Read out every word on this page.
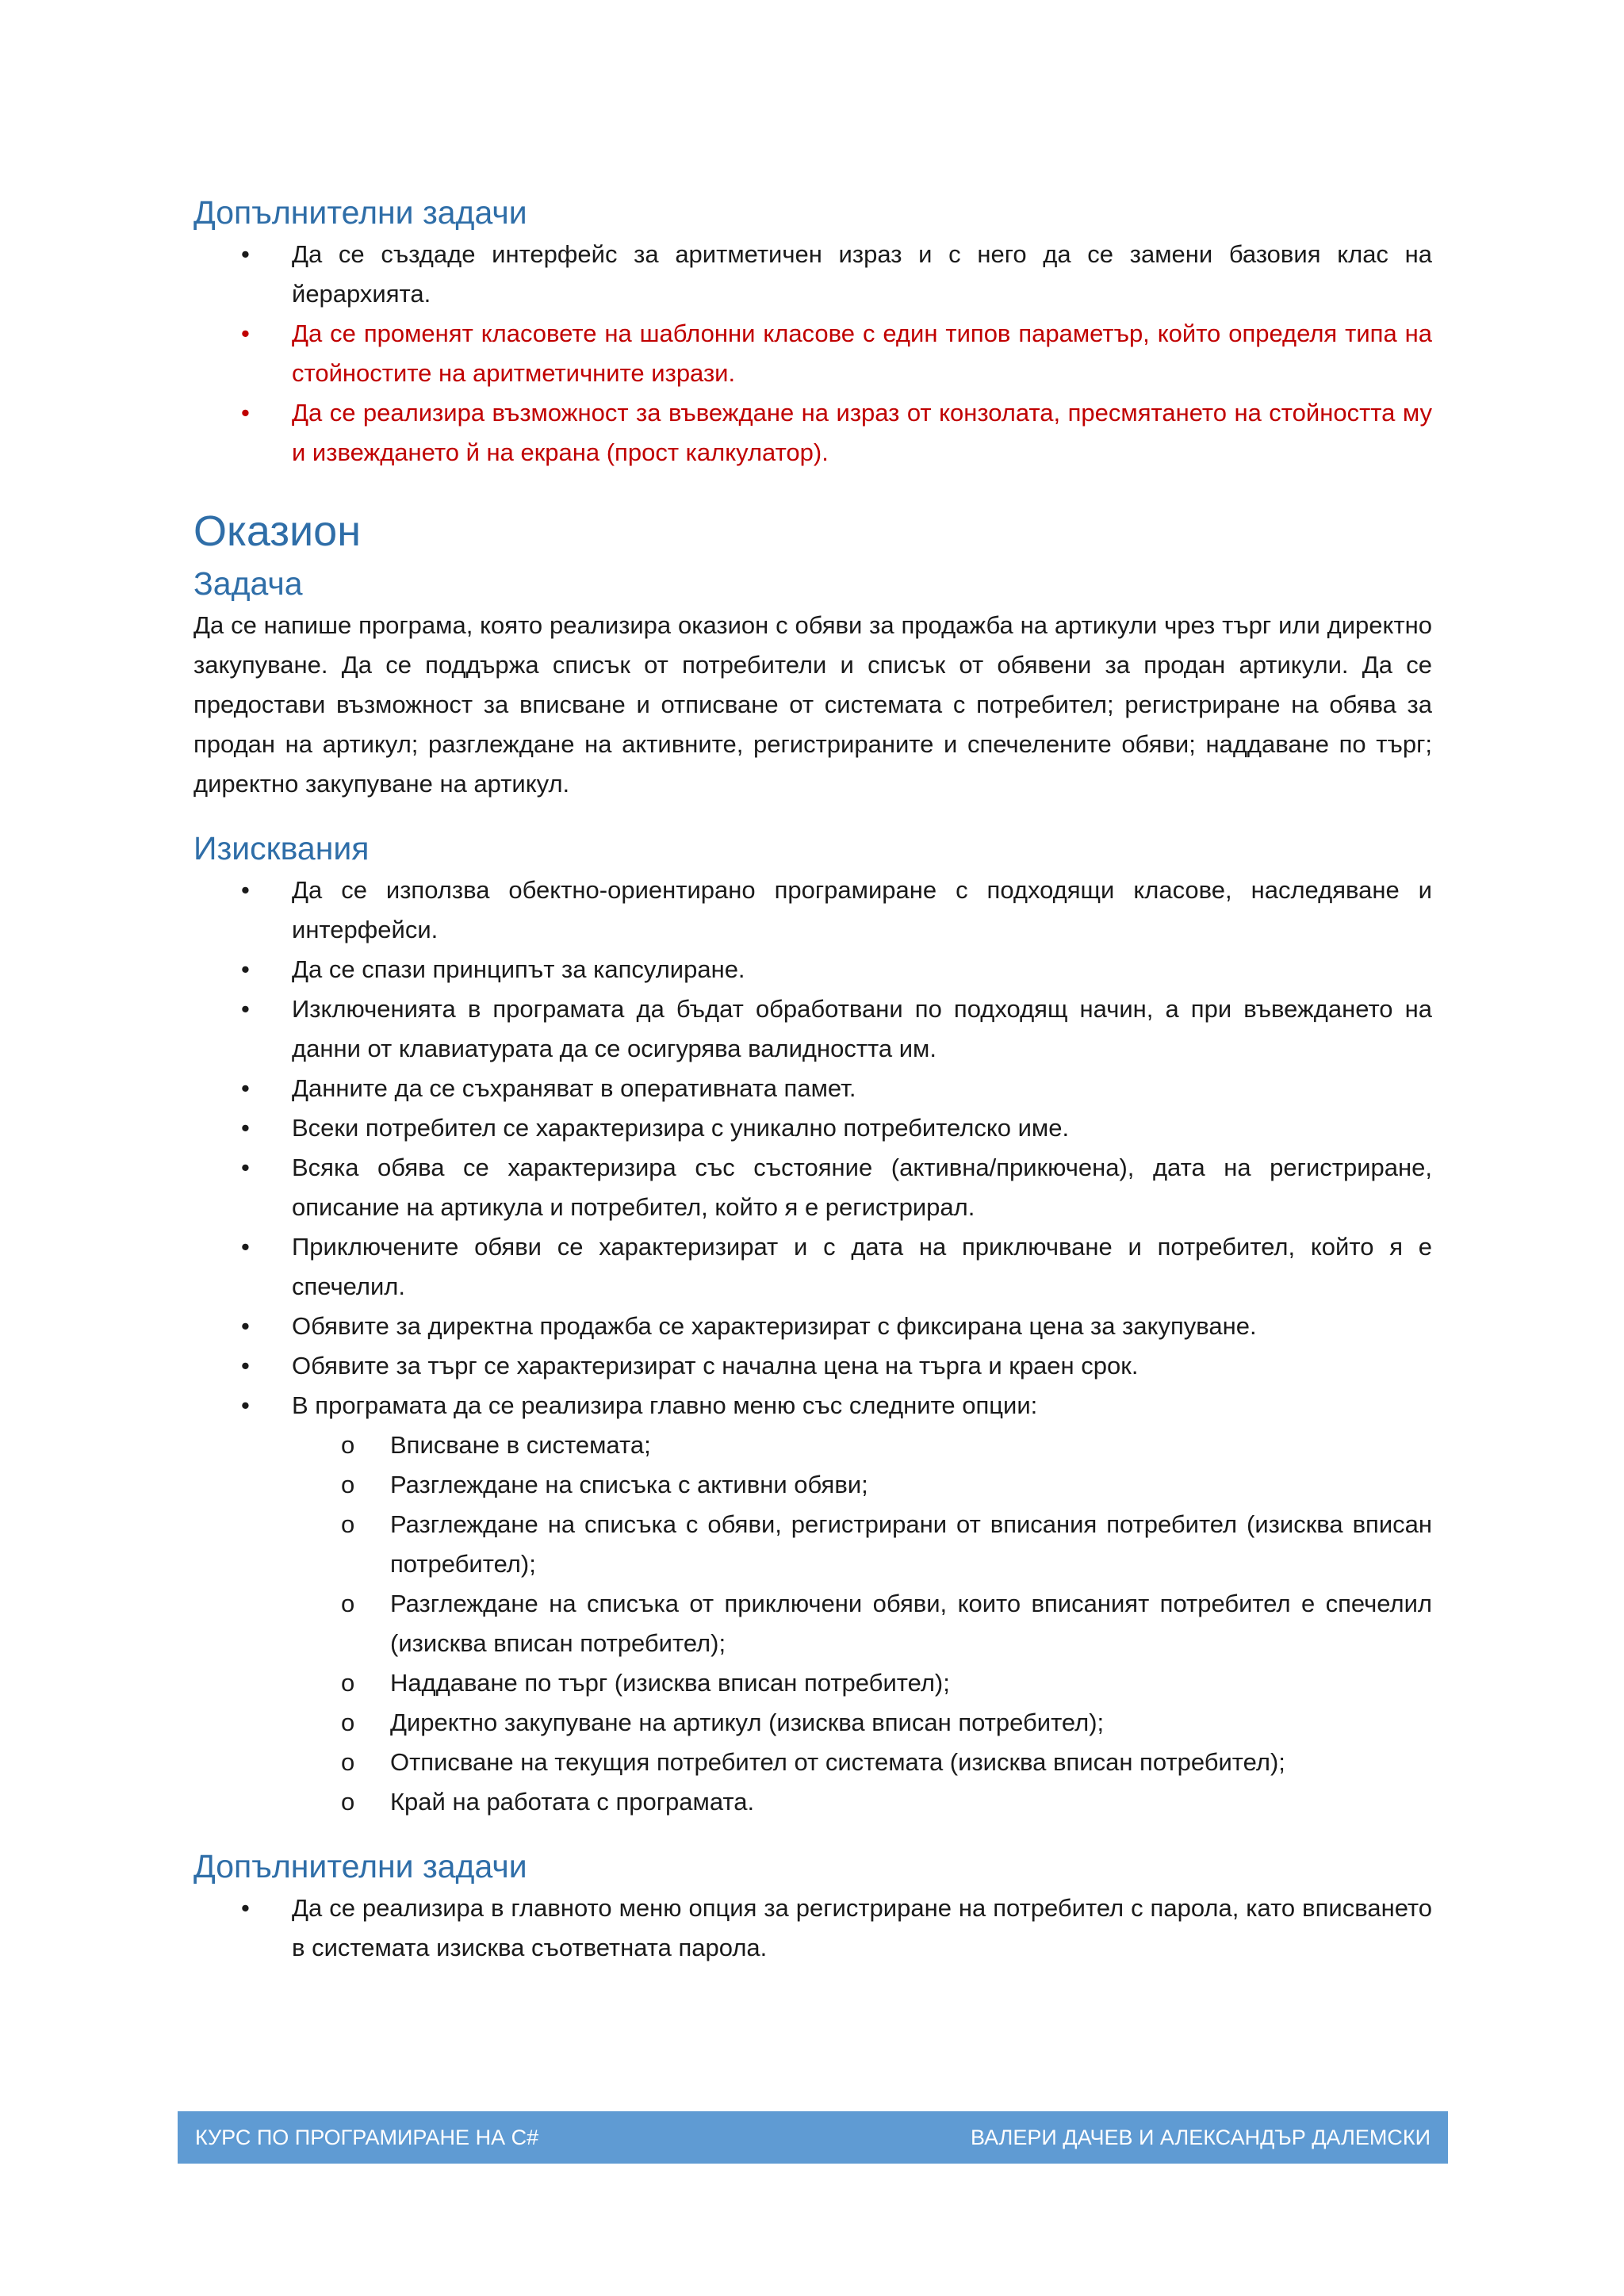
Допълнителни задачи
• Да се създаде интерфейс за аритметичен израз и с него да се замени базовия клас на йерархията.
• Да се променят класовете на шаблонни класове с един типов параметър, който определя типа на стойностите на аритметичните изрази.
• Да се реализира възможност за въвеждане на израз от конзолата, пресмятането на стойността му и извеждането й на екрана (прост калкулатор).
Оказион
Задача

Да се напише програма, която реализира оказион с обяви за продажба на артикули чрез търг или директно закупуване. Да се поддържа списък от потребители и списък от обявени за продан артикули. Да се предостави възможност за вписване и отписване от системата с потребител; регистриране на обява за продан на артикул; разглеждане на активните, регистрираните и спечелените обяви; наддаване по търг; директно закупуване на артикул.

Изисквания
• Да се използва обектно-ориентирано програмиране с подходящи класове, наследяване и интерфейси.
• Да се спази принципът за капсулиране.
• Изключенията в програмата да бъдат обработвани по подходящ начин, а при въвеждането на данни от клавиатурата да се осигурява валидността им.
• Данните да се съхраняват в оперативната памет.
• Всеки потребител се характеризира с уникално потребителско име.
• Всяка обява се характеризира със състояние (активна/прикючена), дата на регистриране, описание на артикула и потребител, който я е регистрирал.
• Приключените обяви се характеризират и с дата на приключване и потребител, който я е спечелил.
• Обявите за директна продажба се характеризират с фиксирана цена за закупуване.
• Обявите за търг се характеризират с начална цена на търга и краен срок.
• В програмата да се реализира главно меню със следните опции:
o Вписване в системата;
o Разглеждане на списъка с активни обяви;
o Разглеждане на списъка с обяви, регистрирани от вписания потребител (изисква вписан потребител);
o Разглеждане на списъка от приключени обяви, които вписаният потребител е спечелил (изисква вписан потребител);
o Наддаване по търг (изисква вписан потребител);
o Директно закупуване на артикул (изисква вписан потребител);
o Отписване на текущия потребител от системата (изисква вписан потребител);
o Край на работата с програмата.
Допълнителни задачи
• Да се реализира в главното меню опция за регистриране на потребител с парола, като вписването в системата изисква съответната парола.
КУРС ПО ПРОГРАМИРАНЕ НА C#	ВАЛЕРИ ДАЧЕВ И АЛЕКСАНДЪР ДАЛЕМСКИ
